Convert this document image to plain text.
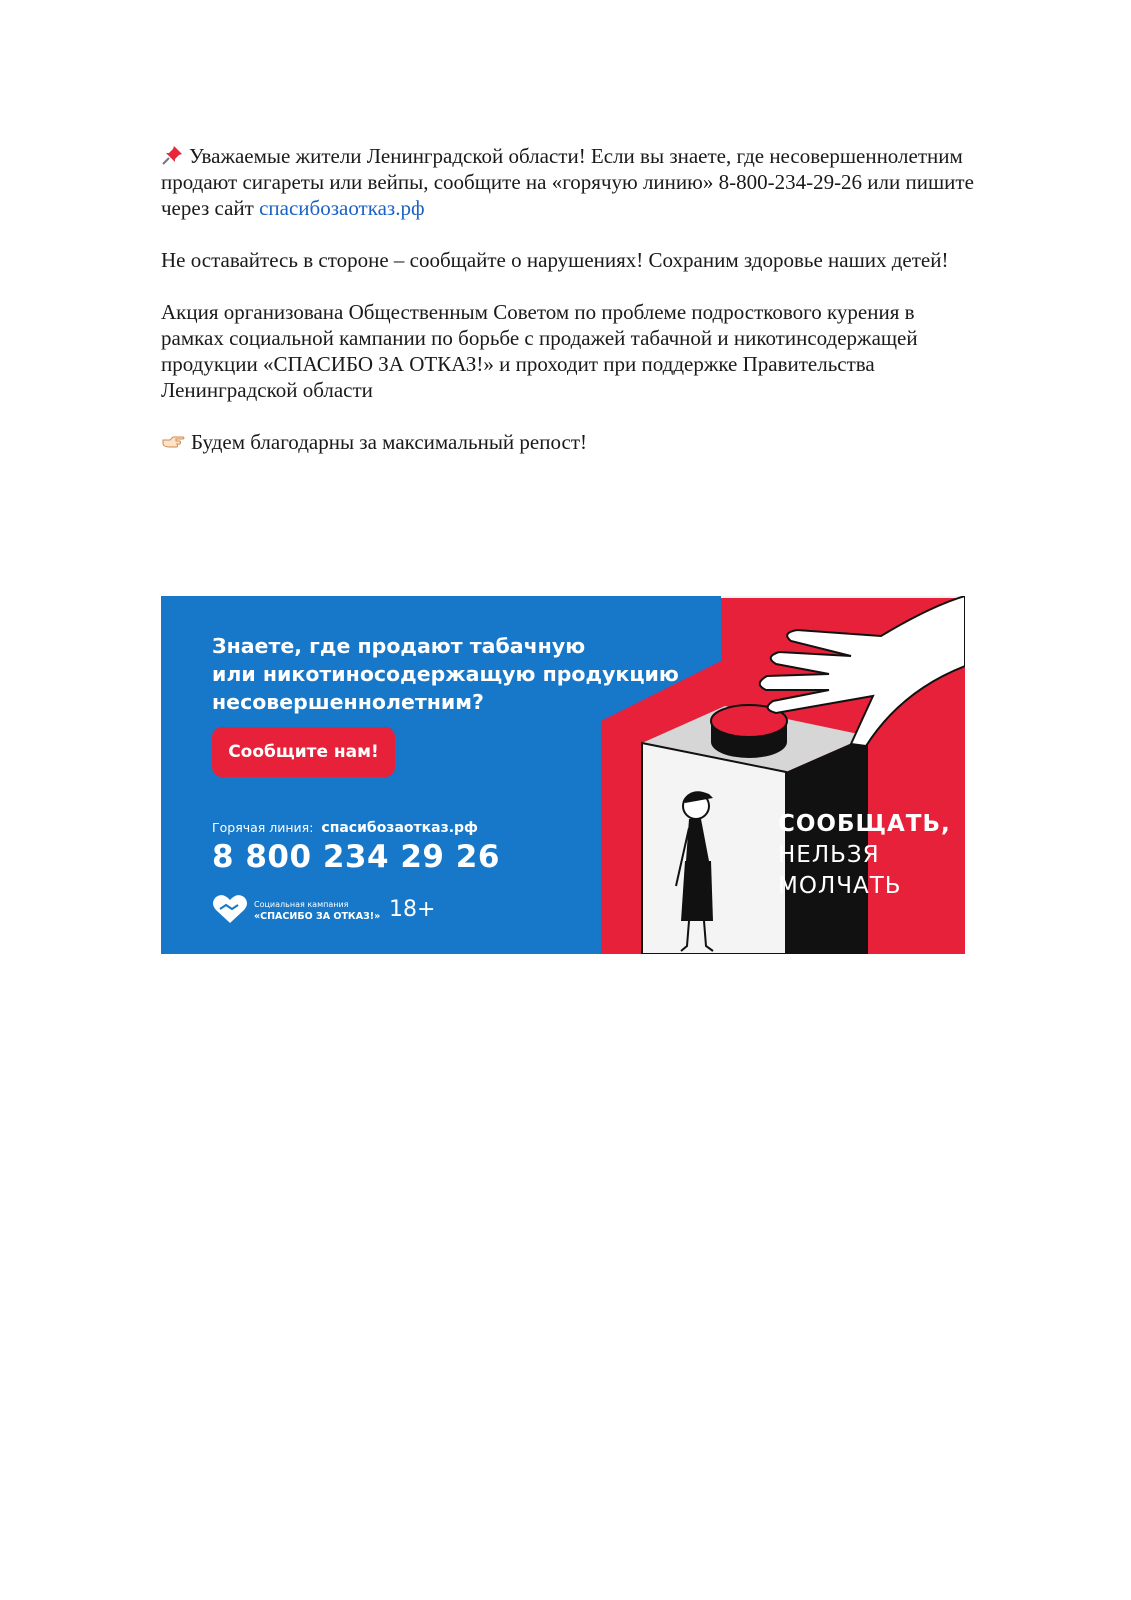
Уважаемые жители Ленинградской области! Если вы знаете, где несовершеннолетним
продают сигареты или вейпы, сообщите на «горячую линию» 8-800-234-29-26 или пишите
через сайт спасибозаотказ.рф

Не оставайтесь в стороне – сообщайте о нарушениях! Сохраним здоровье наших детей!

Акция организована Общественным Советом по проблеме подросткового курения в
рамках социальной кампании по борьбе с продажей табачной и никотинсодержащей
продукции «СПАСИБО ЗА ОТКАЗ!» и проходит при поддержке Правительства
Ленинградской области

Будем благодарны за максимальный репост!

Знаете, где продают табачную
или никотиносодержащую продукцию
несовершеннолетним?
Сообщите нам!
Горячая линия: спасибозаотказ.рф
8 800 234 29 26
Социальная кампания
«СПАСИБО ЗА ОТКАЗ!» 18+
СООБЩАТЬ,
НЕЛЬЗЯ
МОЛЧАТЬ
